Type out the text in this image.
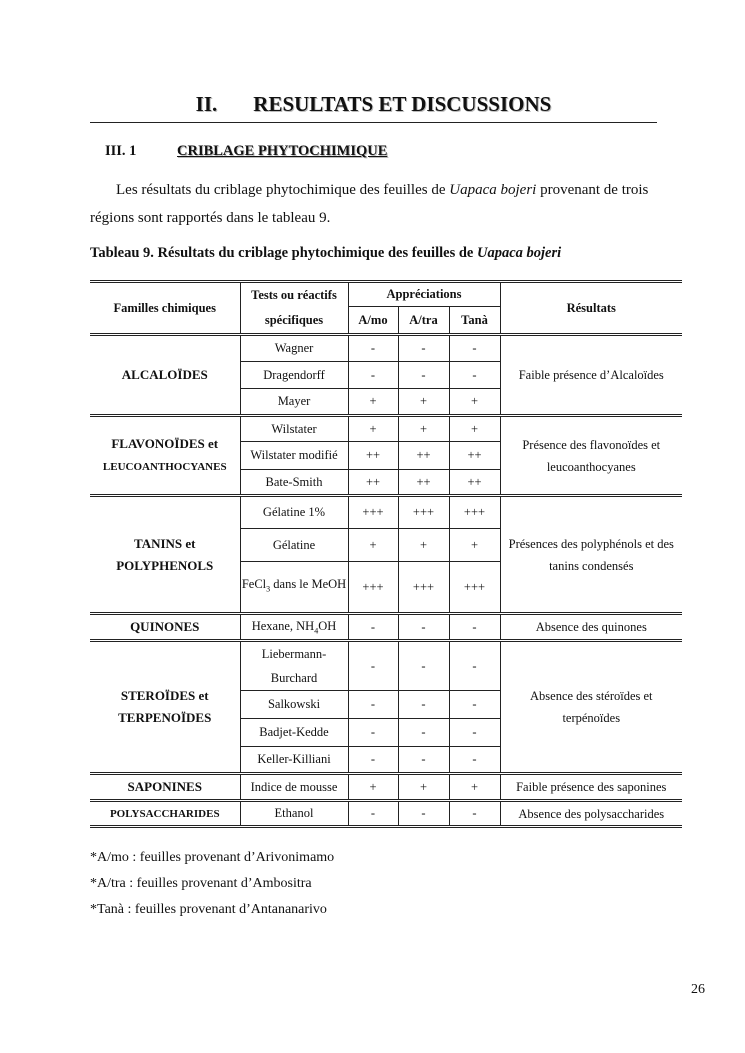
II. RESULTATS ET DISCUSSIONS
III. 1	CRIBLAGE PHYTOCHIMIQUE
Les résultats du criblage phytochimique des feuilles de Uapaca bojeri provenant de trois régions sont rapportés dans le tableau 9.
Tableau 9. Résultats du criblage phytochimique des feuilles de Uapaca bojeri
Familles chimiques	Tests ou réactifs spécifiques	Appréciations			Résultats
		A/mo	A/tra	Tanà	
ALCALOÏDES	Wagner	-	-	-	Faible présence d’Alcaloïdes
	Dragendorff	-	-	-	
	Mayer	+	+	+	
FLAVONOÏDES et
LEUCOANTHOCYANES	Wilstater	+	+	+	Présence des flavonoïdes et leucoanthocyanes
	Wilstater modifié	++	++	++	
	Bate-Smith	++	++	++	
TANINS et POLYPHENOLS	Gélatine 1%	+++	+++	+++	Présences des polyphénols et des tanins condensés
	Gélatine	+	+	+	
	FeCl$_3$ dans le MeOH	+++	+++	+++	
QUINONES	Hexane, $NH_4OH$	-	-	-	Absence des quinones
STEROÏDES et TERPENOÏDES	Liebermann-Burchard	-	-	-	Absence des stéroïdes et terpénoïdes
	Salkowski	-	-	-	
	Badjet-Kedde	-	-	-	
	Keller-Killiani	-	-	-	
SAPONINES	Indice de mousse	+	+	+	Faible présence des saponines
POLYSACCHARIDES	Ethanol	-	-	-	Absence des polysaccharides
*A/mo : feuilles provenant d’Arivonimamo
*A/tra : feuilles provenant d’Ambositra
*Tanà : feuilles provenant d’Antananarivo
26
